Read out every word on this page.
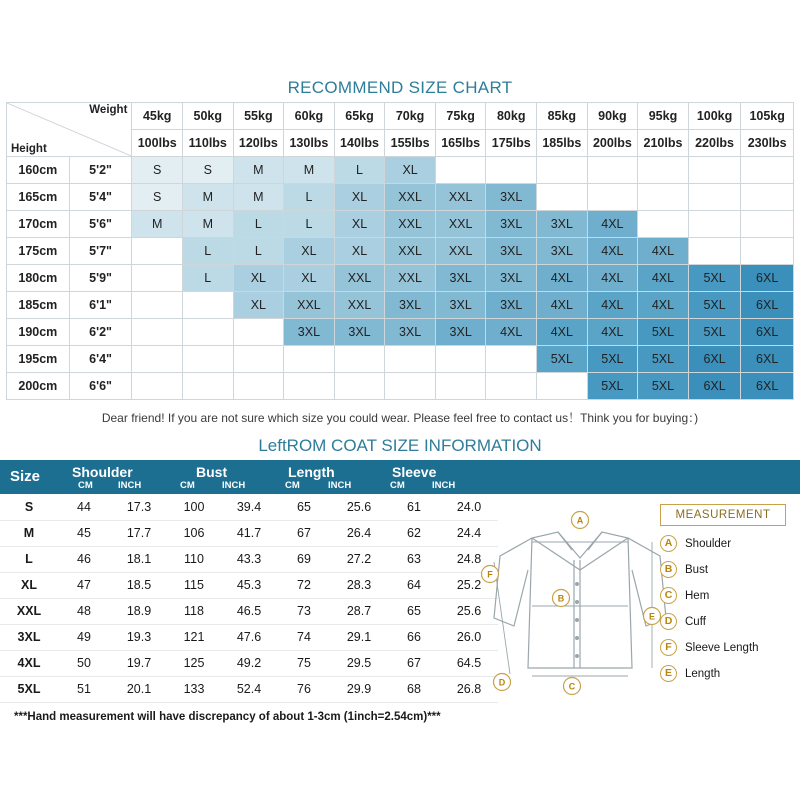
RECOMMEND SIZE CHART
Weight
Height		45kg	50kg	55kg	60kg	65kg	70kg	75kg	80kg	85kg	90kg	95kg	100kg	105kg
		100lbs	110lbs	120lbs	130lbs	140lbs	155lbs	165lbs	175lbs	185lbs	200lbs	210lbs	220lbs	230lbs
160cm	5'2"	S	S	M	M	L	XL							
165cm	5'4"	S	M	M	L	XL	XXL	XXL	3XL					
170cm	5'6"	M	M	L	L	XL	XXL	XXL	3XL	3XL	4XL			
175cm	5'7"		L	L	XL	XL	XXL	XXL	3XL	3XL	4XL	4XL		
180cm	5'9"		L	XL	XL	XXL	XXL	3XL	3XL	4XL	4XL	4XL	5XL	6XL
185cm	6'1"			XL	XXL	XXL	3XL	3XL	3XL	4XL	4XL	4XL	5XL	6XL
190cm	6'2"				3XL	3XL	3XL	3XL	4XL	4XL	4XL	5XL	5XL	6XL
195cm	6'4"									5XL	5XL	5XL	6XL	6XL
200cm	6'6"										5XL	5XL	6XL	6XL
Dear friend! If you are not sure which size you could wear. Please feel free to contact us！Think you for buying：)
LeftROM COAT SIZE INFORMATION
Size Shoulder
CM	INCH
Bust
CM	INCH
Length
CM	INCH
Sleeve
CM	INCH
S	44	17.3	100	39.4	65	25.6	61	24.0
M	45	17.7	106	41.7	67	26.4	62	24.4
L	46	18.1	110	43.3	69	27.2	63	24.8
XL	47	18.5	115	45.3	72	28.3	64	25.2
XXL	48	18.9	118	46.5	73	28.7	65	25.6
3XL	49	19.3	121	47.6	74	29.1	66	26.0
4XL	50	19.7	125	49.2	75	29.5	67	64.5
5XL	51	20.1	133	52.4	76	29.9	68	26.8
***Hand measurement will have discrepancy of about 1-3cm (1inch=2.54cm)***
A
B
C
D
E
F
MEASUREMENT
A	Shoulder
B	Bust
C	Hem
D	Cuff
F	Sleeve Length
E	Length
